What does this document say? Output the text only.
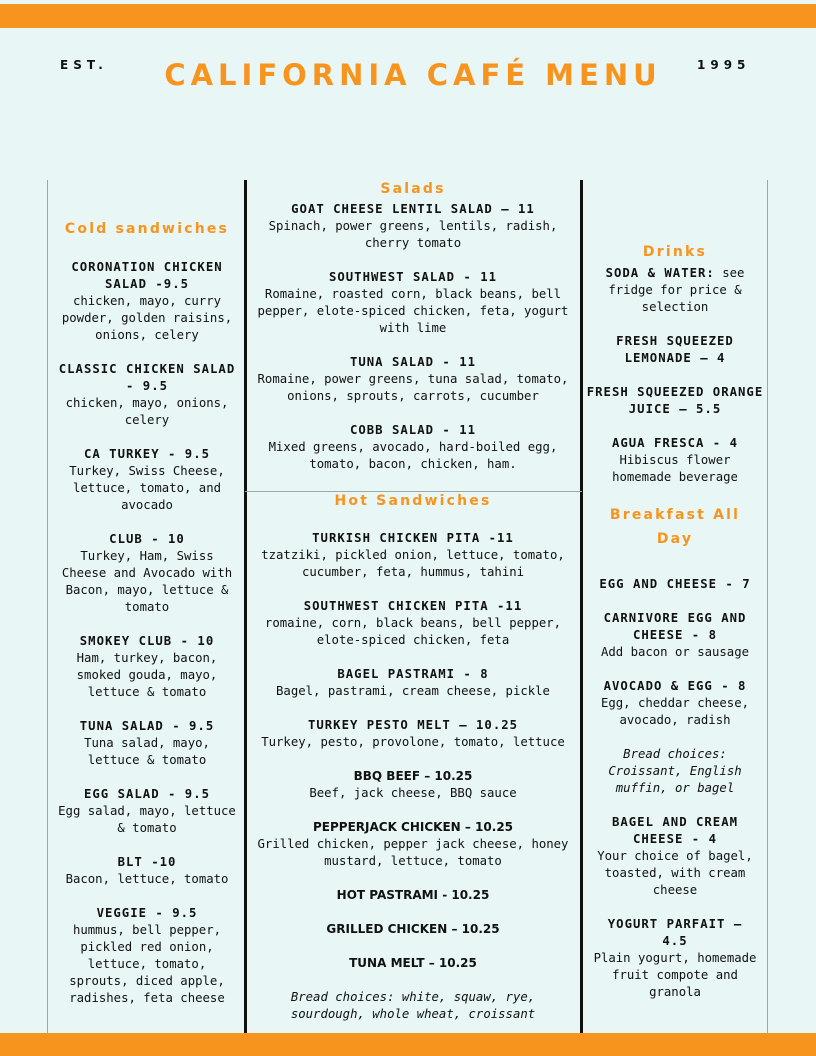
EST.	CALIFORNIA CAFÉ MENU	1995
Cold sandwiches
CORONATION CHICKEN SALAD -9.5
chicken, mayo, curry powder, golden raisins, onions, celery
CLASSIC CHICKEN SALAD - 9.5
chicken, mayo, onions, celery
CA TURKEY - 9.5
Turkey, Swiss Cheese, lettuce, tomato, and avocado
CLUB - 10
Turkey, Ham, Swiss Cheese and Avocado with Bacon, mayo, lettuce & tomato
SMOKEY CLUB - 10
Ham, turkey, bacon, smoked gouda, mayo, lettuce & tomato
TUNA SALAD - 9.5
Tuna salad, mayo, lettuce & tomato
EGG SALAD - 9.5
Egg salad, mayo, lettuce & tomato
BLT -10
Bacon, lettuce, tomato
VEGGIE - 9.5
hummus, bell pepper, pickled red onion, lettuce, tomato, sprouts, diced apple, radishes, feta cheese
Salads
GOAT CHEESE LENTIL SALAD – 11
Spinach, power greens, lentils, radish, cherry tomato
SOUTHWEST SALAD - 11
Romaine, roasted corn, black beans, bell pepper, elote-spiced chicken, feta, yogurt with lime
TUNA SALAD - 11
Romaine, power greens, tuna salad, tomato, onions, sprouts, carrots, cucumber
COBB SALAD - 11
Mixed greens, avocado, hard-boiled egg, tomato, bacon, chicken, ham.
Hot Sandwiches
TURKISH CHICKEN PITA -11
tzatziki, pickled onion, lettuce, tomato, cucumber, feta, hummus, tahini
SOUTHWEST CHICKEN PITA -11
romaine, corn, black beans, bell pepper, elote-spiced chicken, feta
BAGEL PASTRAMI - 8
Bagel, pastrami, cream cheese, pickle
TURKEY PESTO MELT – 10.25
Turkey, pesto, provolone, tomato, lettuce
BBQ BEEF – 10.25
Beef, jack cheese, BBQ sauce
PEPPERJACK CHICKEN – 10.25
Grilled chicken, pepper jack cheese, honey mustard, lettuce, tomato
HOT PASTRAMI - 10.25
GRILLED CHICKEN – 10.25
TUNA MELT – 10.25
Bread choices: white, squaw, rye, sourdough, whole wheat, croissant
Drinks
SODA & WATER: see fridge for price & selection
FRESH SQUEEZED LEMONADE – 4
FRESH SQUEEZED ORANGE JUICE – 5.5
AGUA FRESCA - 4
Hibiscus flower homemade beverage
Breakfast All
Day
EGG AND CHEESE - 7
CARNIVORE EGG AND CHEESE - 8
Add bacon or sausage
AVOCADO & EGG - 8
Egg, cheddar cheese, avocado, radish
Bread choices: Croissant, English muffin, or bagel
BAGEL AND CREAM CHEESE - 4
Your choice of bagel, toasted, with cream cheese
YOGURT PARFAIT – 4.5
Plain yogurt, homemade fruit compote and granola
